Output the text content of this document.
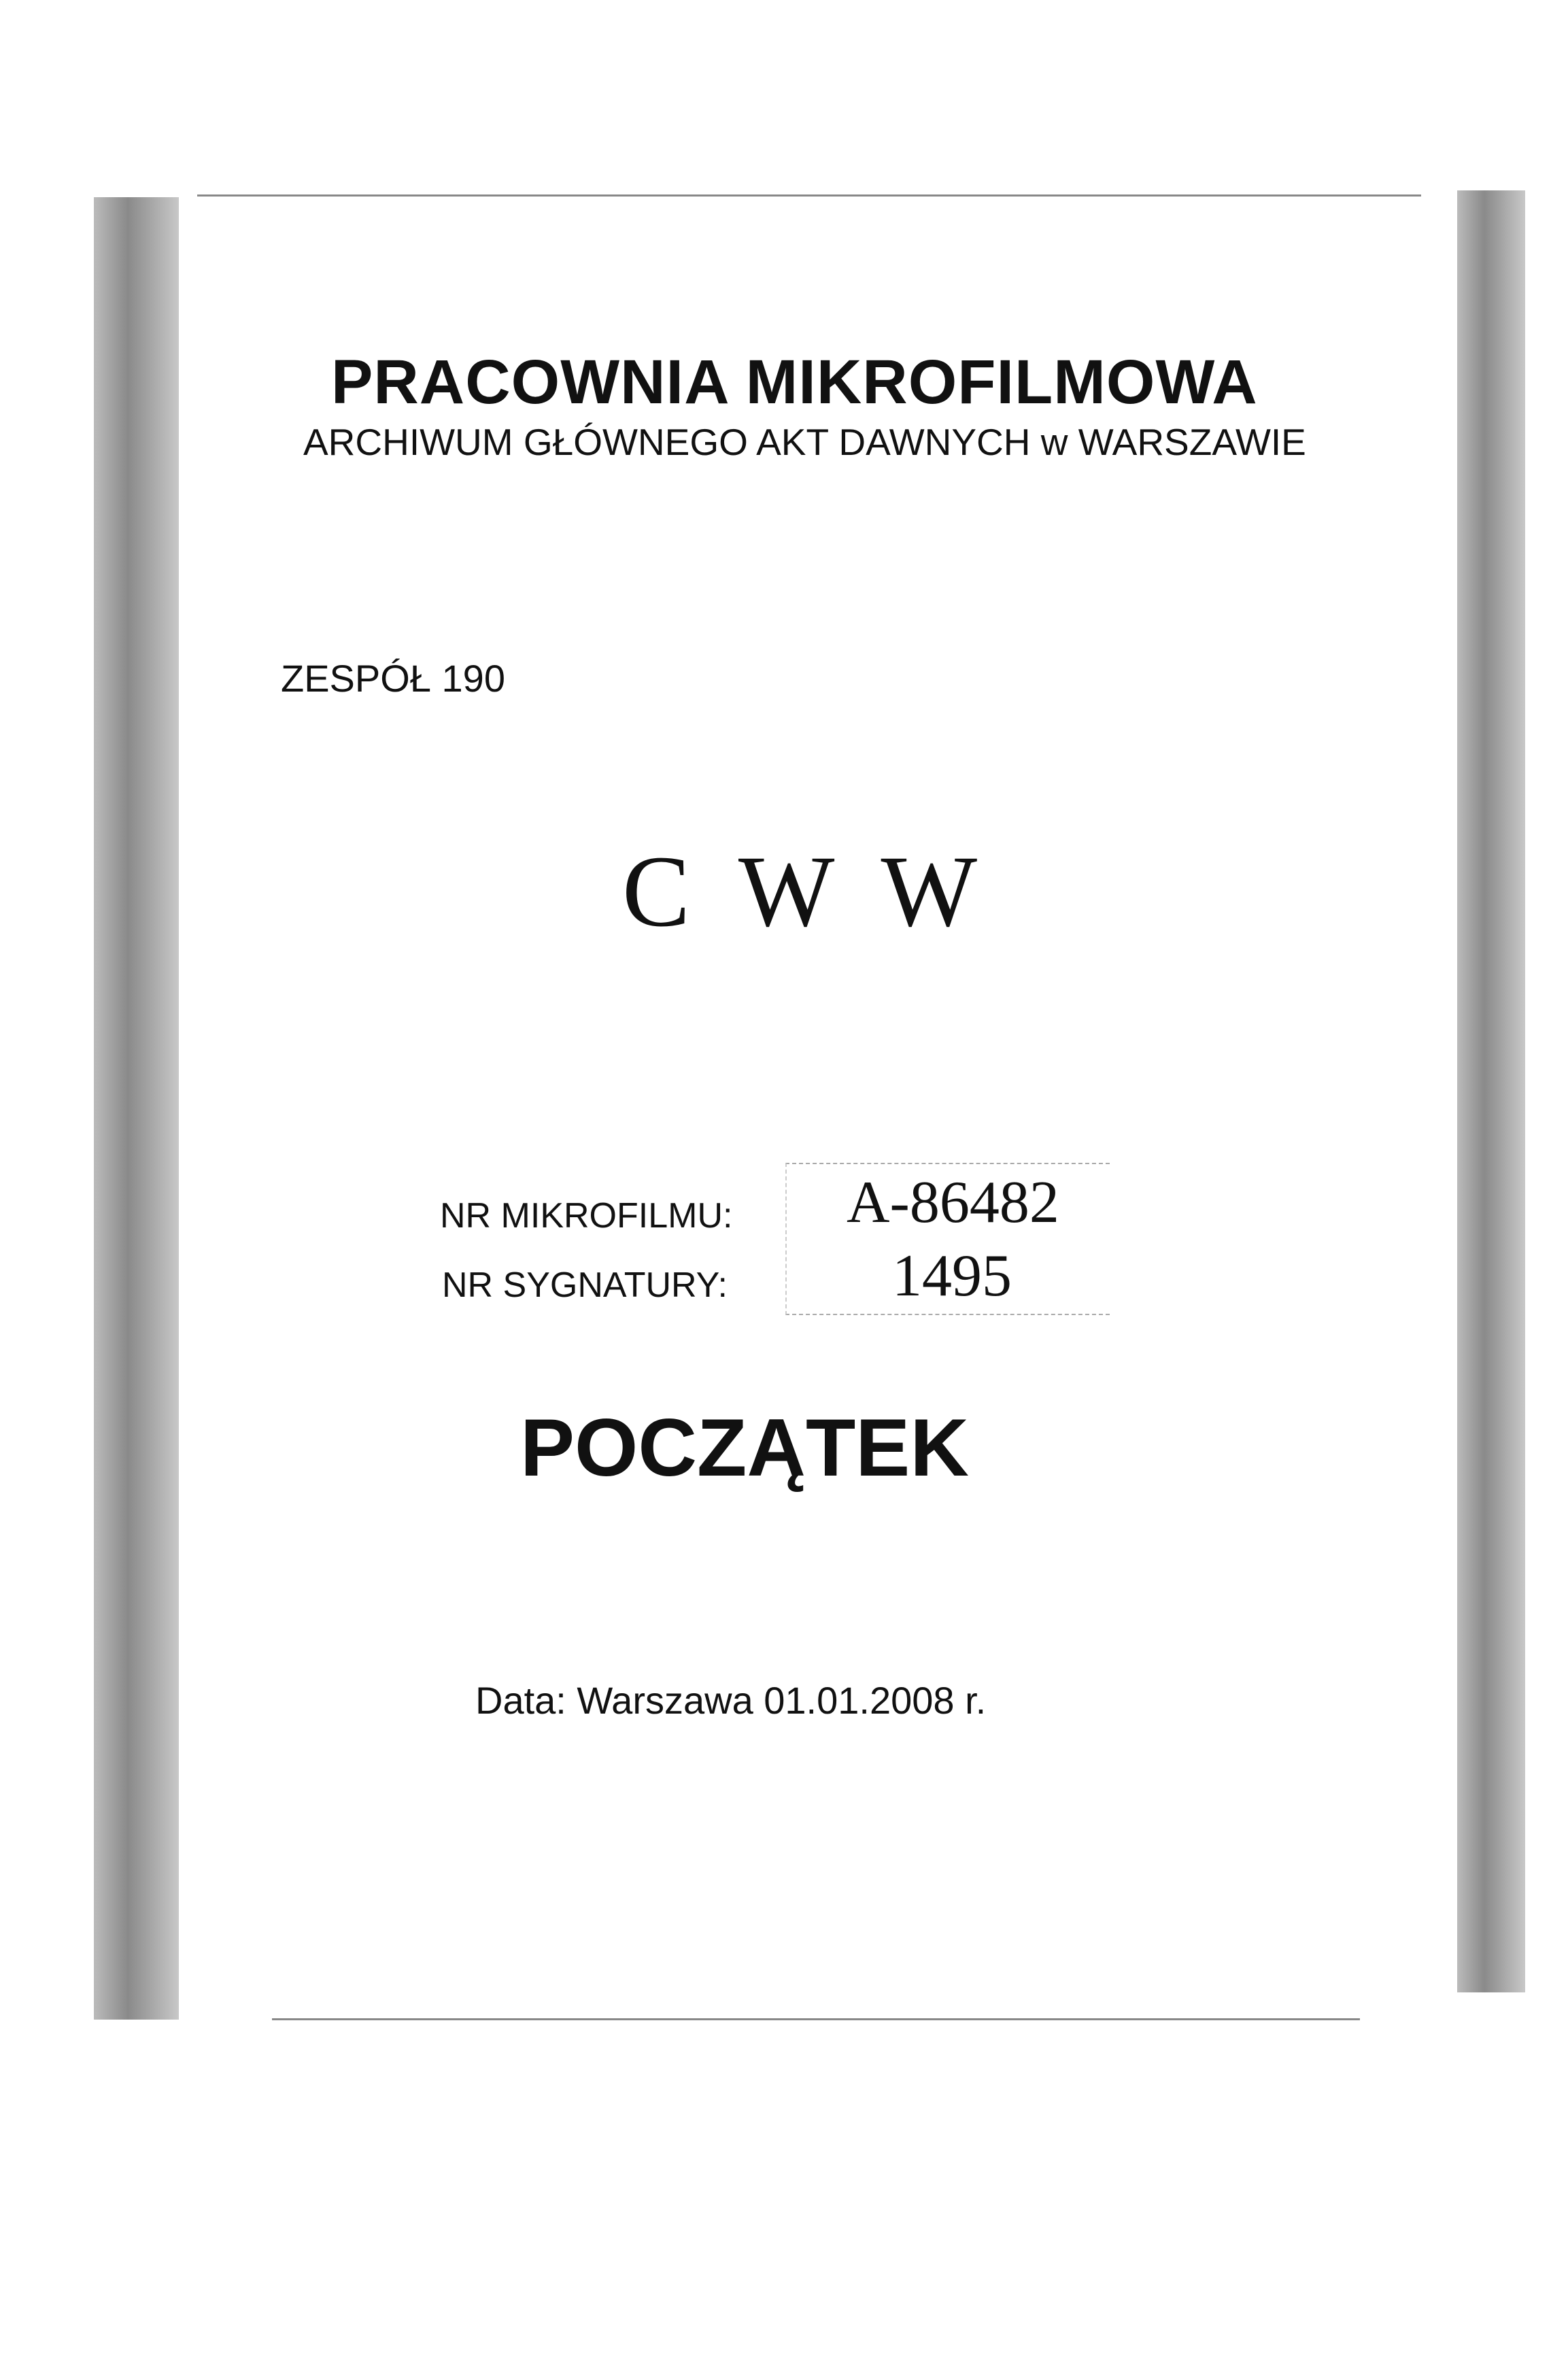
PRACOWNIA MIKROFILMOWA
ARCHIWUM GŁÓWNEGO AKT DAWNYCH w WARSZAWIE
ZESPÓŁ 190
C W W
NR MIKROFILMU: A-86482
NR SYGNATURY:	1495
POCZĄTEK
Data: Warszawa 01.01.2008 r.
